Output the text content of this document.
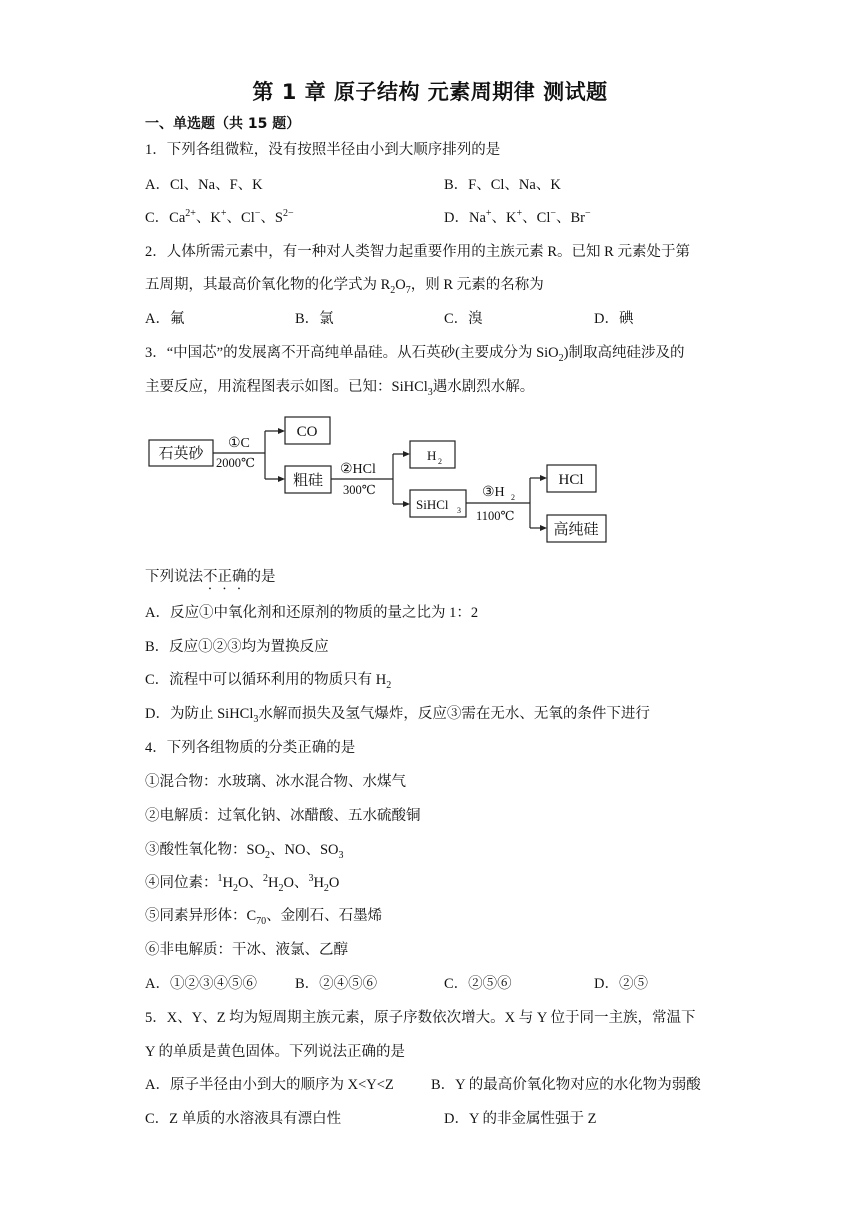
第 1 章 原子结构 元素周期律 测试题
一、单选题（共 15 题）
1．下列各组微粒，没有按照半径由小到大顺序排列的是
A．Cl、Na、F、K	B．F、Cl、Na、K
C．$Ca^{2+}$、K+、Cl−、$S^{2-}$	D．Na+、K+、Cl−、Br−
2．人体所需元素中，有一种对人类智力起重要作用的主族元素 R。已知 R 元素处于第
五周期，其最高价氧化物的化学式为 $R_2O_7$，则 R 元素的名称为
A．氟	B．氯	C．溴	D．碘
3．“中国芯”的发展离不开高纯单晶硅。从石英砂(主要成分为 SiO$_2$)制取高纯硅涉及的
主要反应，用流程图表示如图。已知：SiHCl$_3$遇水剧烈水解。
石英砂
①C
2000℃
CO
粗硅
②HCl
300℃
H 2
SiHCl 3
③H 2
1100℃
HCl
高纯硅
下列说法不正确的是
A．反应①中氧化剂和还原剂的物质的量之比为 1：2
B．反应①②③均为置换反应
C．流程中可以循环利用的物质只有 $H_2$
D．为防止 SiHCl$_3$水解而损失及氢气爆炸，反应③需在无水、无氧的条件下进行
4．下列各组物质的分类正确的是
①混合物：水玻璃、冰水混合物、水煤气
②电解质：过氧化钠、冰醋酸、五水硫酸铜
③酸性氧化物：$SO_2$、NO、$SO_3$
④同位素：$^1H_2O$、$^2H_2O$、$^3H_2O$
⑤同素异形体：$C_{70}$、金刚石、石墨烯
⑥非电解质：干冰、液氯、乙醇
A．①②③④⑤⑥	B．②④⑤⑥	C．②⑤⑥	D．②⑤
5．X、Y、Z 均为短周期主族元素，原子序数依次增大。X 与 Y 位于同一主族，常温下
Y 的单质是黄色固体。下列说法正确的是
A．原子半径由小到大的顺序为 X<Y<Z	B．Y 的最高价氧化物对应的水化物为弱酸
C．Z 单质的水溶液具有漂白性	D．Y 的非金属性强于 Z
